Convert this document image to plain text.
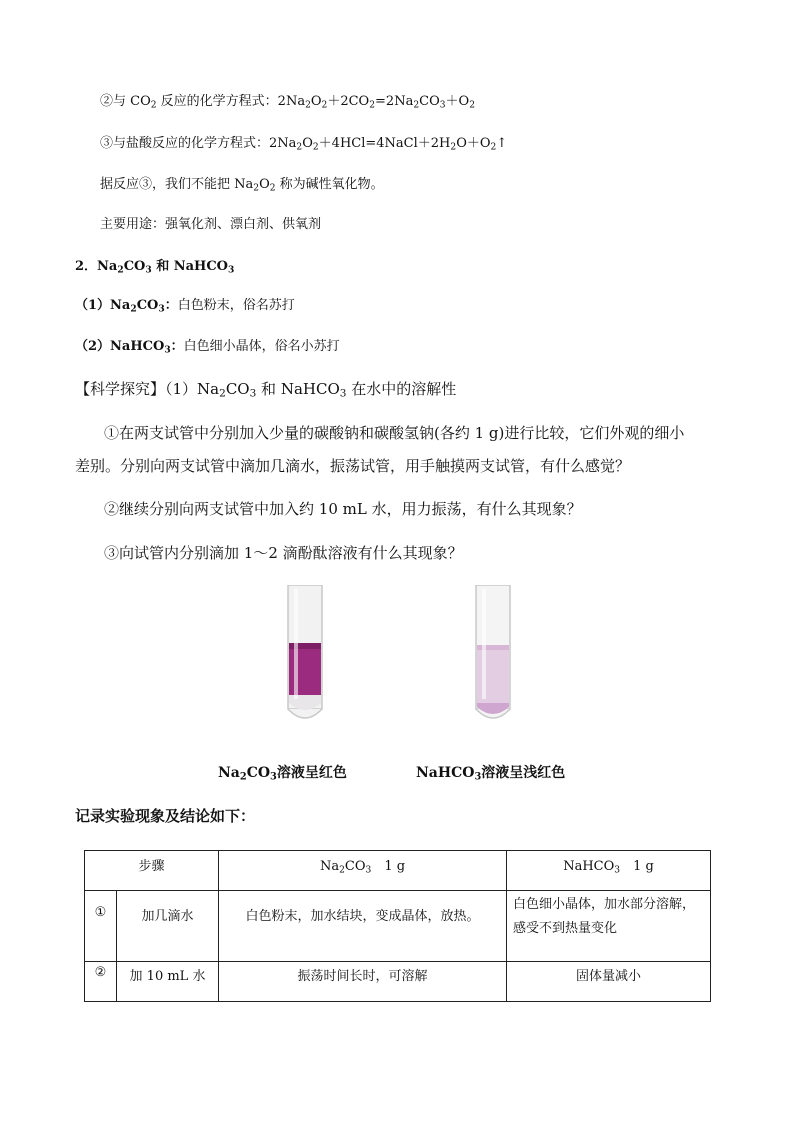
②与 $CO_2$ 反应的化学方程式：$2Na_2O_2+2CO_2=2Na_2CO_3+O_2$
③与盐酸反应的化学方程式：$2Na_2O_2+4HCl=4NaCl+2H_2O+O_2↑$
据反应③，我们不能把 $Na_2O_2$ 称为碱性氧化物。
主要用途：强氧化剂、漂白剂、供氧剂
2．$Na_2CO_3$ 和 NaHCO$_3$
$(1)Na_2CO_3$：白色粉末，俗名苏打
（2）NaHCO$_3$：白色细小晶体，俗名小苏打
【科学探究】$(1)Na_2CO_3$ 和 NaHCO$_3$ 在水中的溶解性
①在两支试管中分别加入少量的碳酸钠和碳酸氢钠(各约 1 g)进行比较，它们外观的细小
差别。分别向两支试管中滴加几滴水，振荡试管，用手触摸两支试管，有什么感觉？
②继续分别向两支试管中加入约 10 mL 水，用力振荡，有什么其现象？
③向试管内分别滴加 1～2 滴酚酞溶液有什么其现象？
$Na_2CO_3$溶液呈红色	NaHCO$_3$溶液呈浅红色
记录实验现象及结论如下：
步骤		$Na_2CO_3$　1 g	NaHCO$_3$　1 g
①	加几滴水	白色粉末，加水结块，变成晶体，放热。	白色细小晶体，加水部分溶解，
感受不到热量变化

②	加 10 mL 水	振荡时间长时，可溶解	固体量减小
